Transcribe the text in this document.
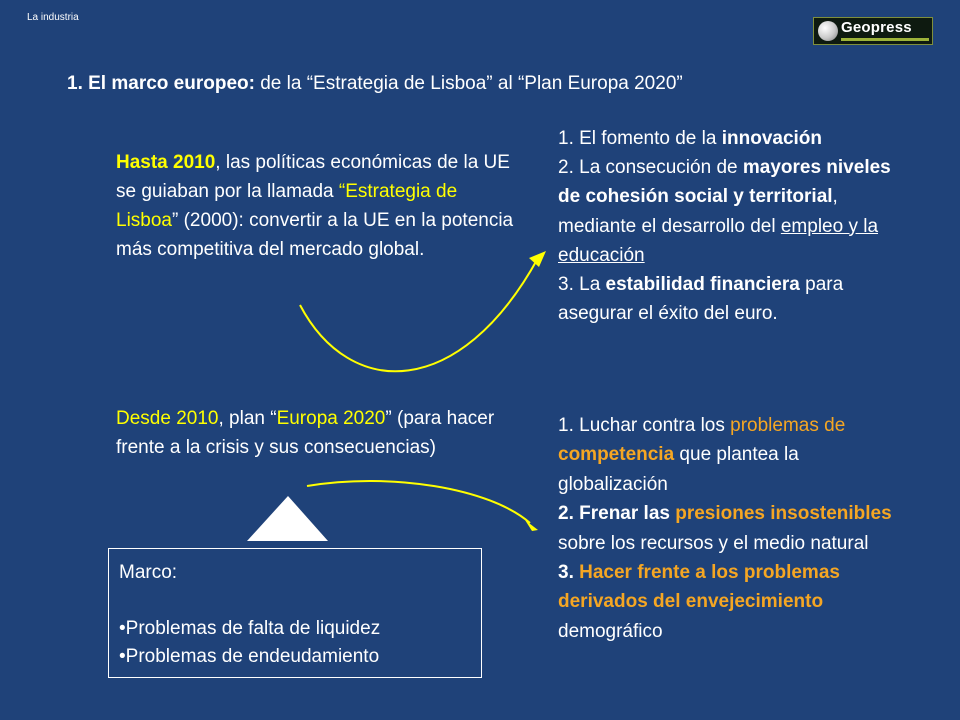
La industria
Geopress
1. El marco europeo: de la “Estrategia de Lisboa” al “Plan Europa 2020”
Hasta 2010, las políticas económicas de la UE se guiaban por la llamada “Estrategia de Lisboa” (2000): convertir a la UE en la potencia más competitiva del mercado global.

1. El fomento de la innovación

2. La consecución de mayores niveles de cohesión social y territorial, mediante el desarrollo del empleo y la educación

3. La estabilidad financiera para asegurar el éxito del euro.

Desde 2010, plan “Europa 2020” (para hacer frente a la crisis y sus consecuencias)

1. Luchar contra los problemas de competencia que plantea la globalización

2. Frenar las presiones insostenibles sobre los recursos y el medio natural

3. Hacer frente a los problemas derivados del envejecimiento demográfico

Marco:
•Problemas de falta de liquidez
•Problemas de endeudamiento
